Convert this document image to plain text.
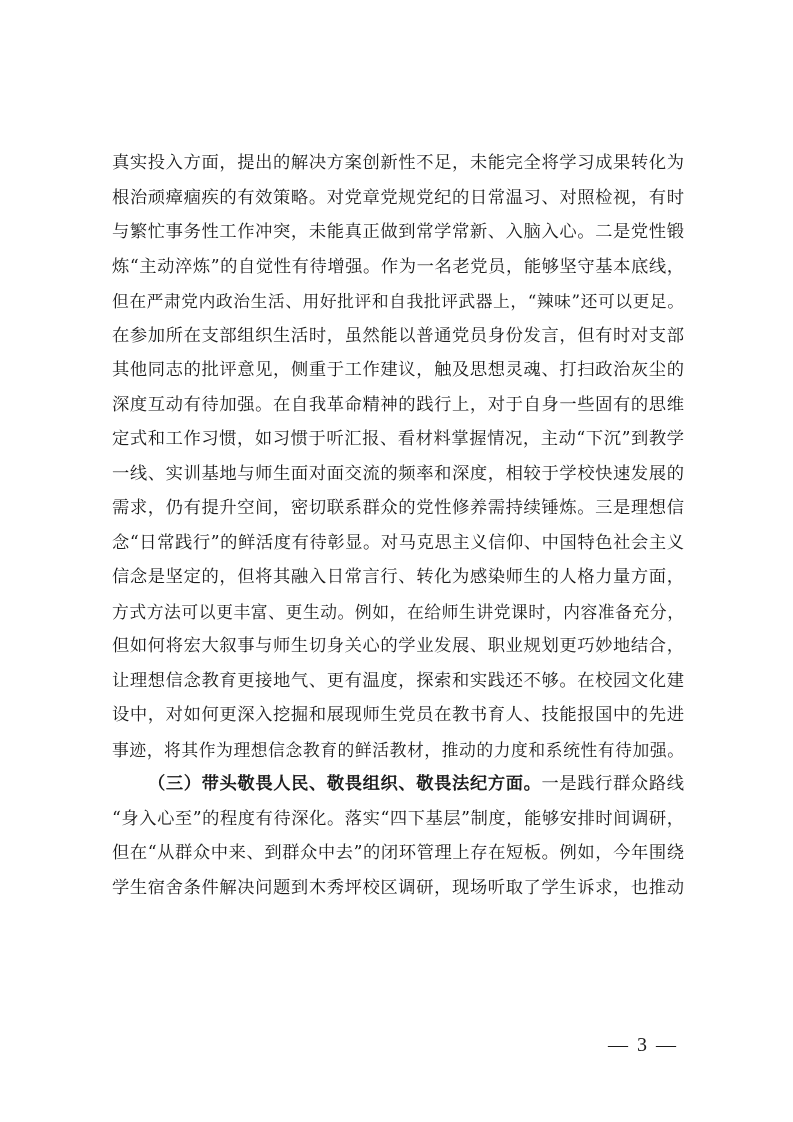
真实投入方面，提出的解决方案创新性不足，未能完全将学习成果转化为
根治顽瘴痼疾的有效策略。对党章党规党纪的日常温习、对照检视，有时
与繁忙事务性工作冲突，未能真正做到常学常新、入脑入心。二是党性锻
炼“主动淬炼”的自觉性有待增强。作为一名老党员，能够坚守基本底线，
但在严肃党内政治生活、用好批评和自我批评武器上，“辣味”还可以更足。
在参加所在支部组织生活时，虽然能以普通党员身份发言，但有时对支部
其他同志的批评意见，侧重于工作建议，触及思想灵魂、打扫政治灰尘的
深度互动有待加强。在自我革命精神的践行上，对于自身一些固有的思维
定式和工作习惯，如习惯于听汇报、看材料掌握情况，主动“下沉”到教学
一线、实训基地与师生面对面交流的频率和深度，相较于学校快速发展的
需求，仍有提升空间，密切联系群众的党性修养需持续锤炼。三是理想信
念“日常践行”的鲜活度有待彰显。对马克思主义信仰、中国特色社会主义
信念是坚定的，但将其融入日常言行、转化为感染师生的人格力量方面，
方式方法可以更丰富、更生动。例如，在给师生讲党课时，内容准备充分，
但如何将宏大叙事与师生切身关心的学业发展、职业规划更巧妙地结合，
让理想信念教育更接地气、更有温度，探索和实践还不够。在校园文化建
设中，对如何更深入挖掘和展现师生党员在教书育人、技能报国中的先进
事迹，将其作为理想信念教育的鲜活教材，推动的力度和系统性有待加强。
（三）带头敬畏人民、敬畏组织、敬畏法纪方面。一是践行群众路线
“身入心至”的程度有待深化。落实“四下基层”制度，能够安排时间调研，
但在“从群众中来、到群众中去”的闭环管理上存在短板。例如，今年围绕
学生宿舍条件解决问题到木秀坪校区调研，现场听取了学生诉求，也推动
— 3 —
